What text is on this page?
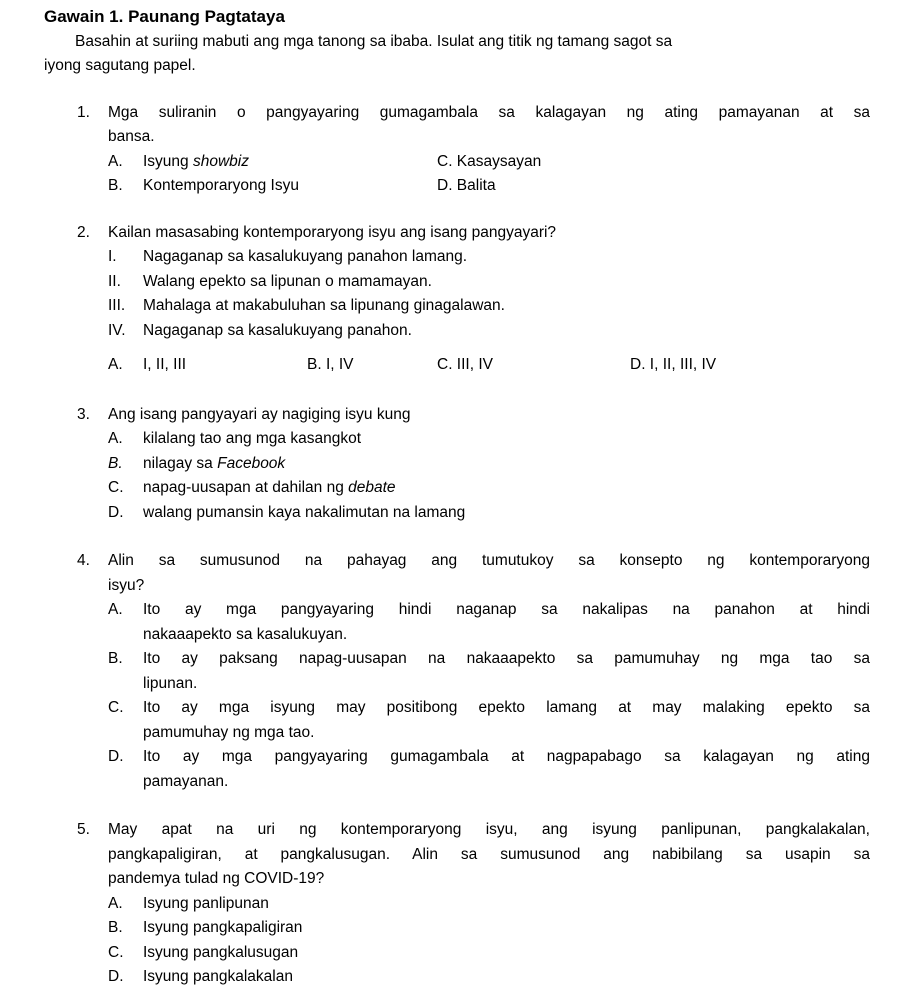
Gawain 1. Paunang Pagtataya
Basahin at suriing mabuti ang mga tanong sa ibaba. Isulat ang titik ng tamang sagot sa
iyong sagutang papel.
1.	Mga suliranin o pangyayaring gumagambala sa kalagayan ng ating pamayanan at sa
bansa.
A. Isyung showbiz	C. Kasaysayan
B. Kontemporaryong Isyu	D. Balita
2.	Kailan masasabing kontemporaryong isyu ang isang pangyayari?
I.	Nagaganap sa kasalukuyang panahon lamang.
II.	Walang epekto sa lipunan o mamamayan.
III.	Mahalaga at makabuluhan sa lipunang ginagalawan.
IV.	Nagaganap sa kasalukuyang panahon.
A. I, II, III	B. I, IV	C. III, IV	D. I, II, III, IV
3.	Ang isang pangyayari ay nagiging isyu kung
A. kilalang tao ang mga kasangkot
B. nilagay sa Facebook
C. napag-uusapan at dahilan ng debate
D. walang pumansin kaya nakalimutan na lamang
4.	Alin sa sumusunod na pahayag ang tumutukoy sa konsepto ng kontemporaryong
isyu?
A.	Ito ay mga pangyayaring hindi naganap sa nakalipas na panahon at hindi
nakaaapekto sa kasalukuyan.
B.	Ito ay paksang napag-uusapan na nakaaapekto sa pamumuhay ng mga tao sa
lipunan.
C.	Ito ay mga isyung may positibong epekto lamang at may malaking epekto sa
pamumuhay ng mga tao.
D.	Ito ay mga pangyayaring gumagambala at nagpapabago sa kalagayan ng ating
pamayanan.
5.	May apat na uri ng kontemporaryong isyu, ang isyung panlipunan, pangkalakalan,
pangkapaligiran, at pangkalusugan. Alin sa sumusunod ang nabibilang sa usapin sa
pandemya tulad ng COVID-19?
A. Isyung panlipunan
B. Isyung pangkapaligiran
C. Isyung pangkalusugan
D. Isyung pangkalakalan
